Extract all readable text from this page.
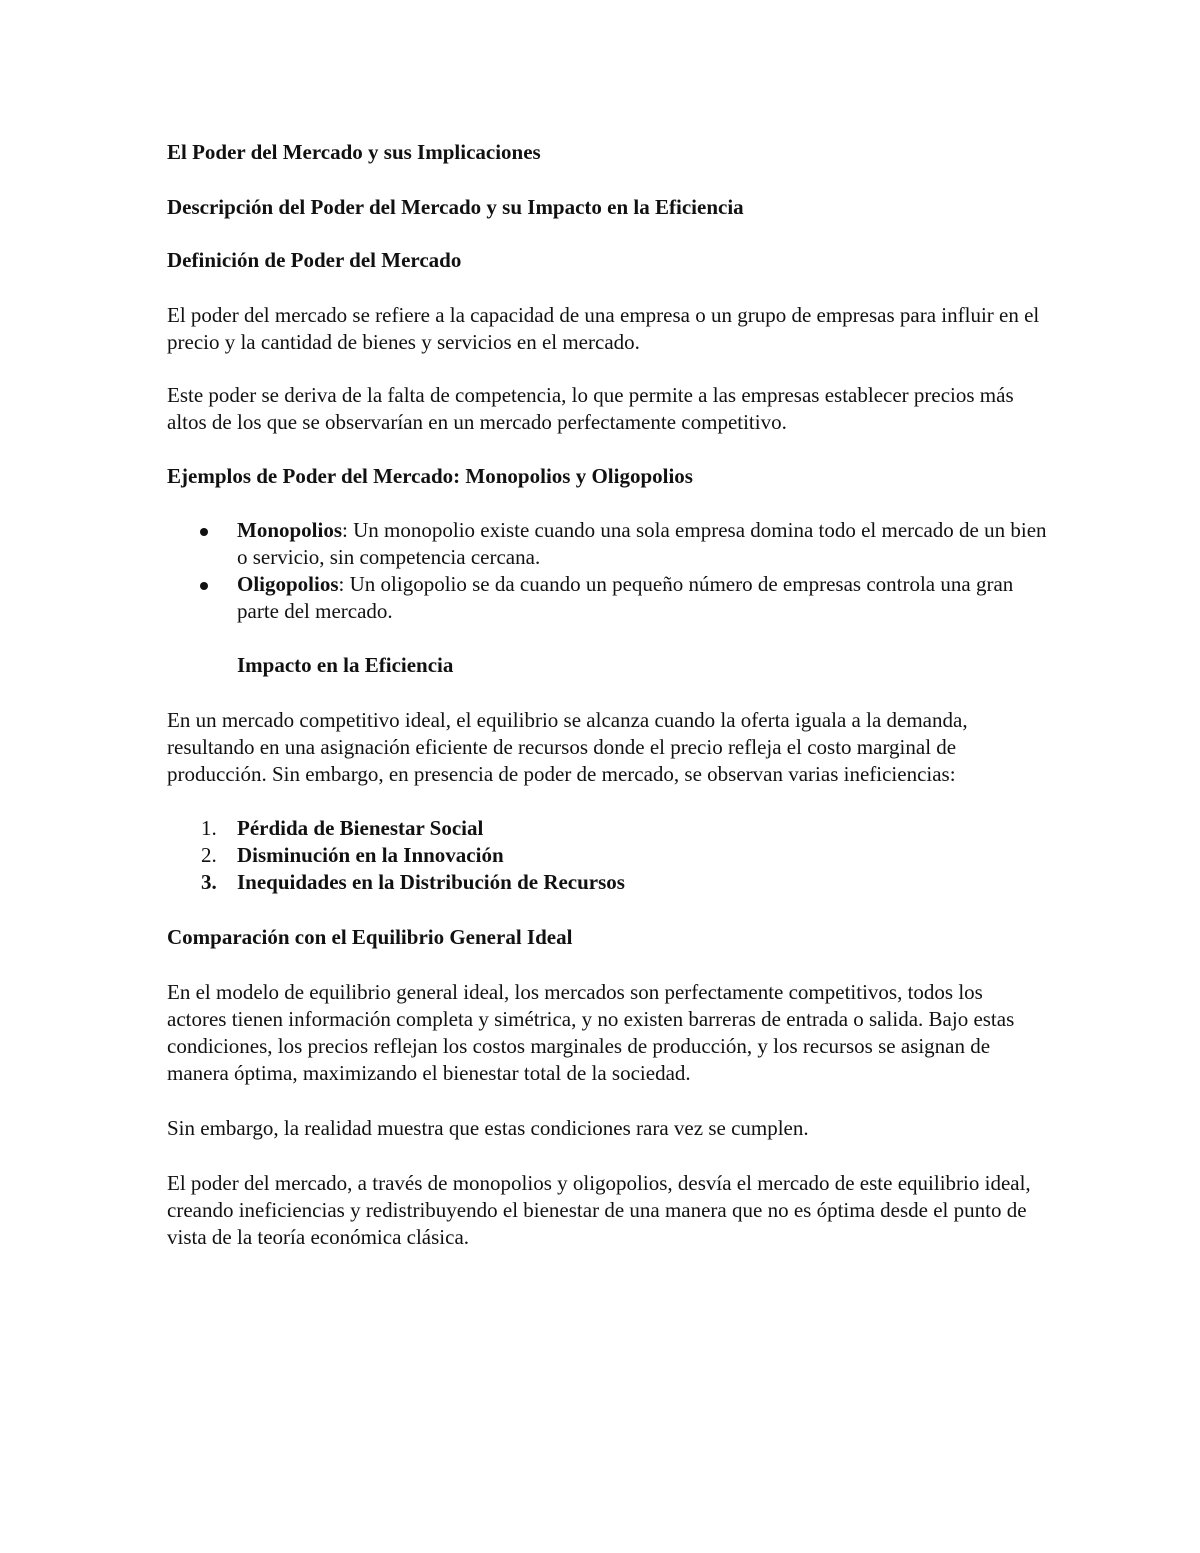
El Poder del Mercado y sus Implicaciones

Descripción del Poder del Mercado y su Impacto en la Eficiencia

Definición de Poder del Mercado

El poder del mercado se refiere a la capacidad de una empresa o un grupo de empresas para influir en el precio y la cantidad de bienes y servicios en el mercado.

Este poder se deriva de la falta de competencia, lo que permite a las empresas establecer precios más altos de los que se observarían en un mercado perfectamente competitivo.

Ejemplos de Poder del Mercado: Monopolios y Oligopolios

Monopolios: Un monopolio existe cuando una sola empresa domina todo el mercado de un bien o servicio, sin competencia cercana.
Oligopolios: Un oligopolio se da cuando un pequeño número de empresas controla una gran parte del mercado.

Impacto en la Eficiencia

En un mercado competitivo ideal, el equilibrio se alcanza cuando la oferta iguala a la demanda, resultando en una asignación eficiente de recursos donde el precio refleja el costo marginal de producción. Sin embargo, en presencia de poder de mercado, se observan varias ineficiencias:

1. Pérdida de Bienestar Social
2. Disminución en la Innovación
3. Inequidades en la Distribución de Recursos

Comparación con el Equilibrio General Ideal

En el modelo de equilibrio general ideal, los mercados son perfectamente competitivos, todos los actores tienen información completa y simétrica, y no existen barreras de entrada o salida. Bajo estas condiciones, los precios reflejan los costos marginales de producción, y los recursos se asignan de manera óptima, maximizando el bienestar total de la sociedad.

Sin embargo, la realidad muestra que estas condiciones rara vez se cumplen.

El poder del mercado, a través de monopolios y oligopolios, desvía el mercado de este equilibrio ideal, creando ineficiencias y redistribuyendo el bienestar de una manera que no es óptima desde el punto de vista de la teoría económica clásica.
